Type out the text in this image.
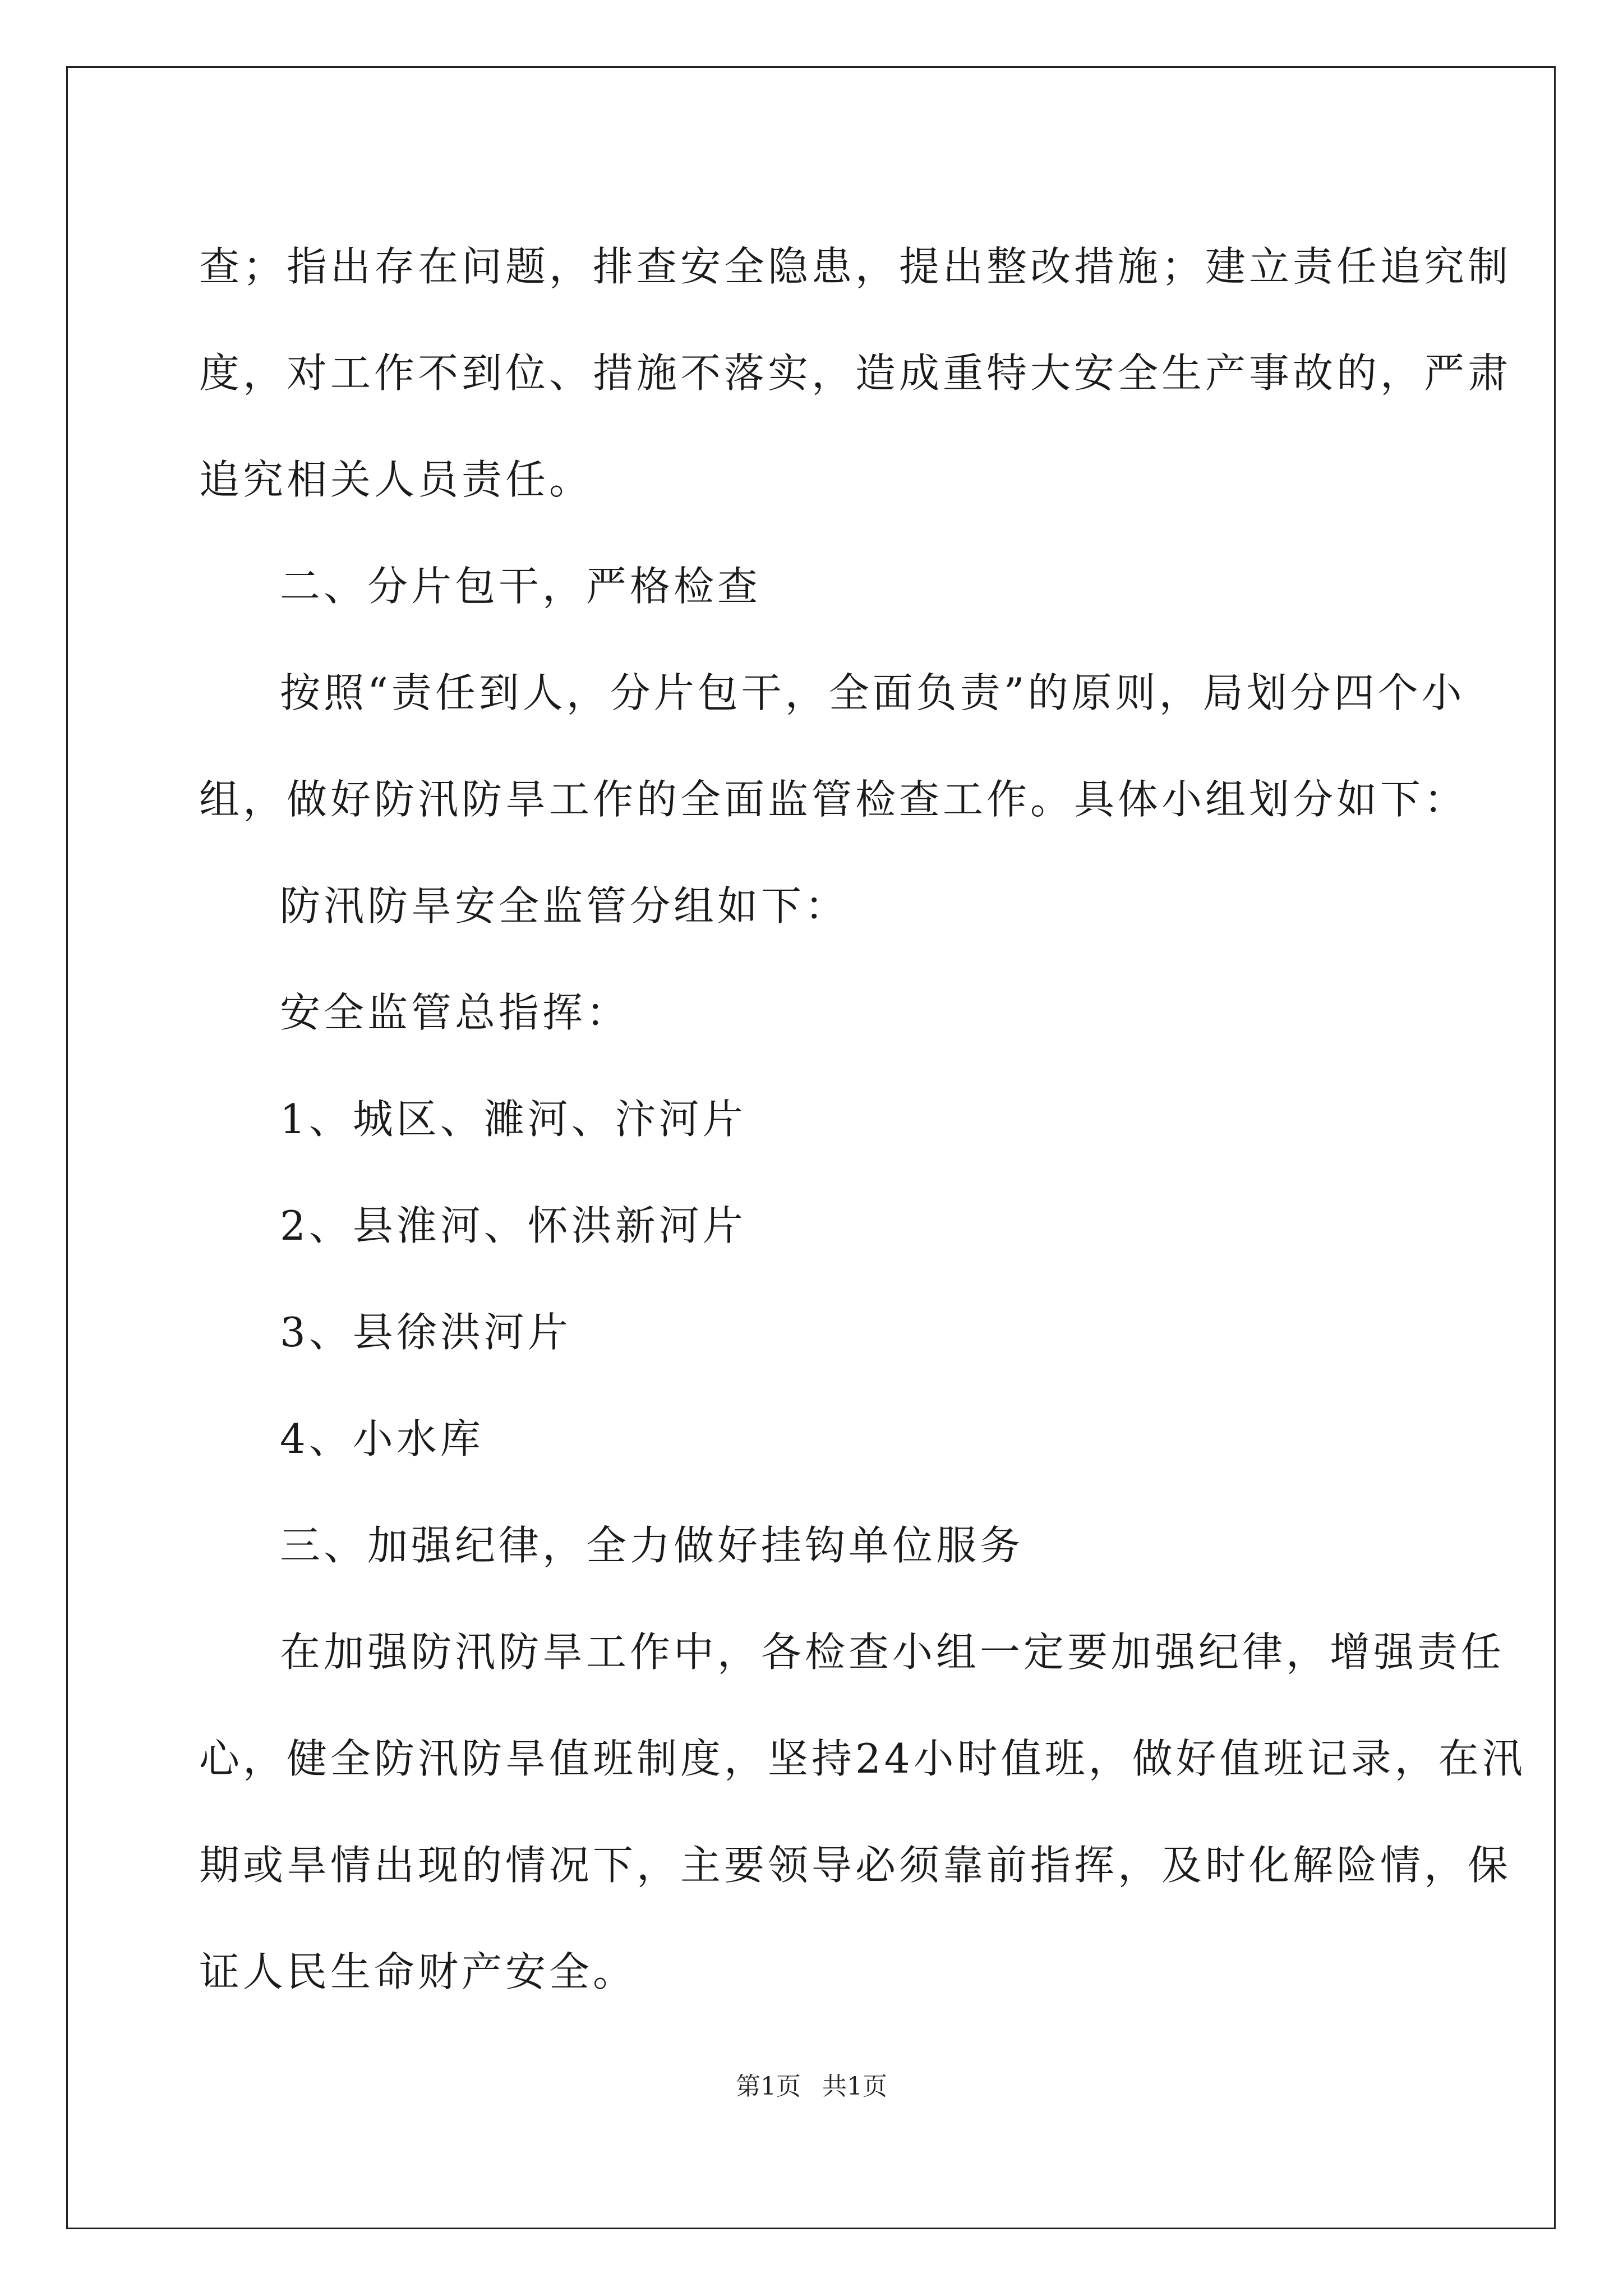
查；指出存在问题，排查安全隐患，提出整改措施；建立责任追究制

度，对工作不到位、措施不落实，造成重特大安全生产事故的，严肃

追究相关人员责任。

二、分片包干，严格检查

按照“责任到人，分片包干，全面负责”的原则，局划分四个小

组，做好防汛防旱工作的全面监管检查工作。具体小组划分如下：

防汛防旱安全监管分组如下：

安全监管总指挥：

1、城区、濉河、汴河片

2、县淮河、怀洪新河片

3、县徐洪河片

4、小水库

三、加强纪律，全力做好挂钩单位服务

在加强防汛防旱工作中，各检查小组一定要加强纪律，增强责任

心，健全防汛防旱值班制度，坚持24小时值班，做好值班记录，在汛

期或旱情出现的情况下，主要领导必须靠前指挥，及时化解险情，保

证人民生命财产安全。

第1页 共1页
